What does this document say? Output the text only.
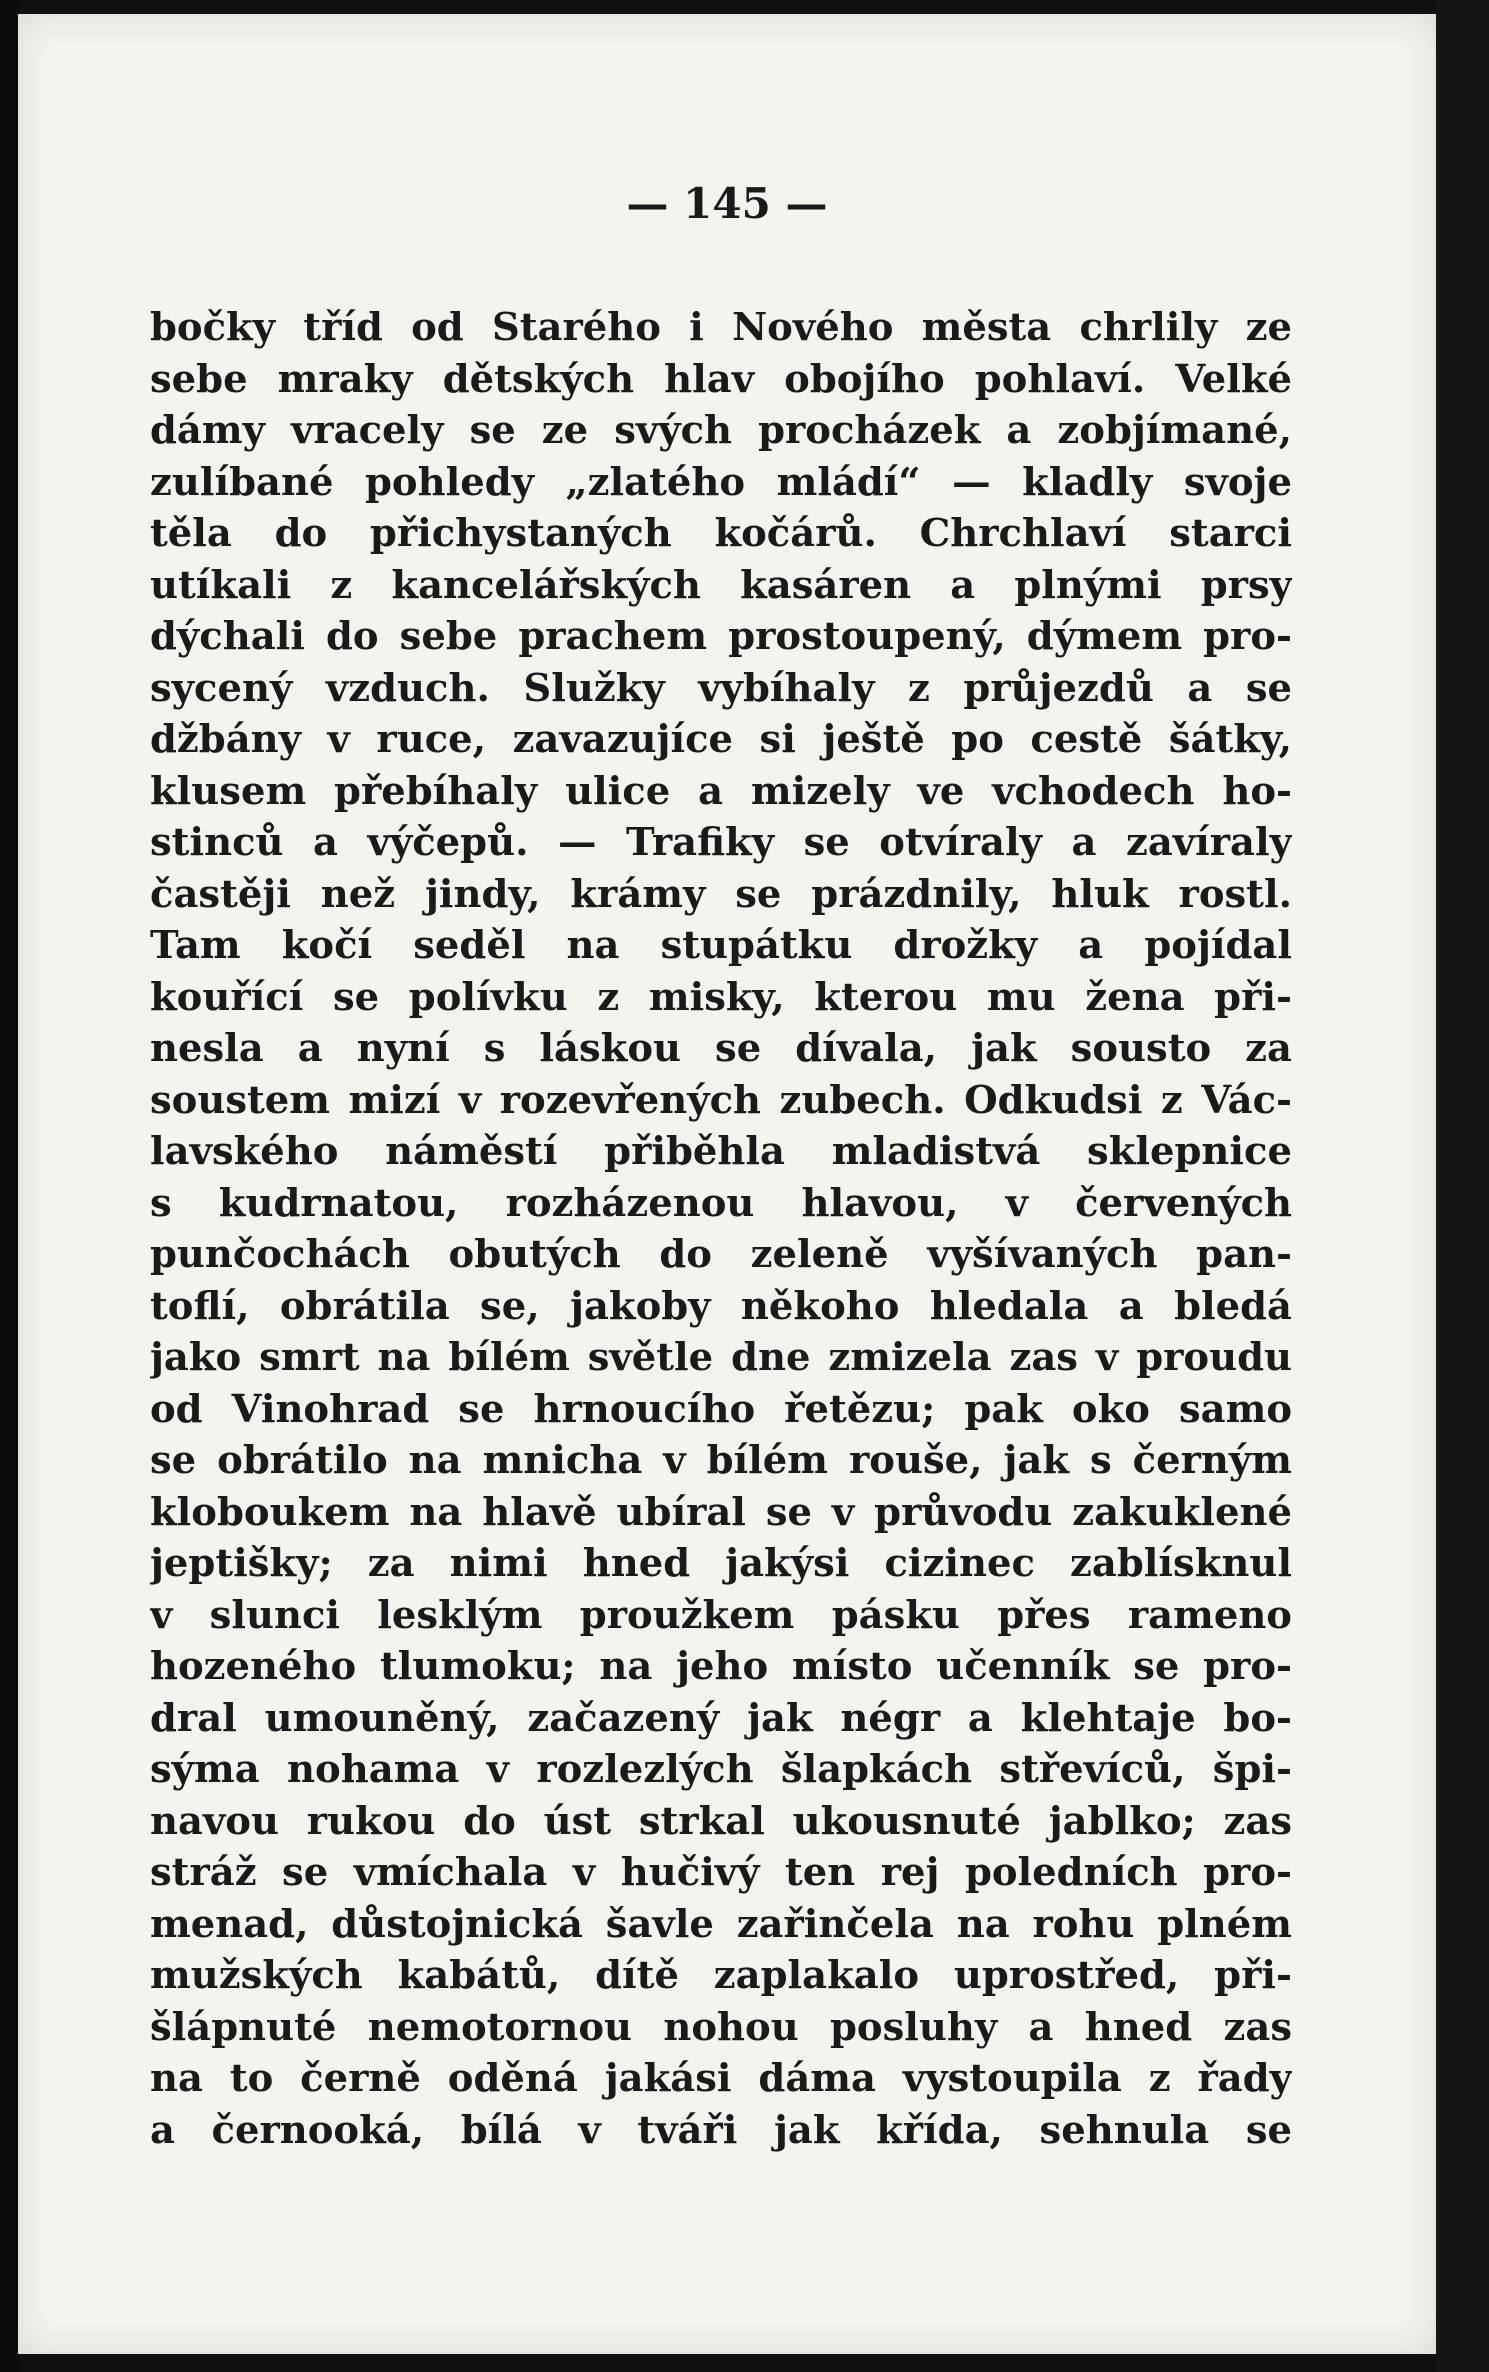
— 145 —
bočky tříd od Starého i Nového města chrlily ze
sebe mraky dětských hlav obojího pohlaví. Velké
dámy vracely se ze svých procházek a zobjímané,
zulíbané pohledy „zlatého mládí“ — kladly svoje
těla do přichystaných kočárů. Chrchlaví starci
utíkali z kancelářských kasáren a plnými prsy
dýchali do sebe prachem prostoupený, dýmem pro-
sycený vzduch. Služky vybíhaly z průjezdů a se
džbány v ruce, zavazujíce si ještě po cestě šátky,
klusem přebíhaly ulice a mizely ve vchodech ho-
stinců a výčepů. — Trafiky se otvíraly a zavíraly
častěji než jindy, krámy se prázdnily, hluk rostl.
Tam kočí seděl na stupátku drožky a pojídal
kouřící se polívku z misky, kterou mu žena při-
nesla a nyní s láskou se dívala, jak sousto za
soustem mizí v rozevřených zubech. Odkudsi z Vác-
lavského náměstí přiběhla mladistvá sklepnice
s kudrnatou, rozházenou hlavou, v červených
punčochách obutých do zeleně vyšívaných pan-
toflí, obrátila se, jakoby někoho hledala a bledá
jako smrt na bílém světle dne zmizela zas v proudu
od Vinohrad se hrnoucího řetězu; pak oko samo
se obrátilo na mnicha v bílém rouše, jak s černým
kloboukem na hlavě ubíral se v průvodu zakuklené
jeptišky; za nimi hned jakýsi cizinec zablísknul
v slunci lesklým proužkem pásku přes rameno
hozeného tlumoku; na jeho místo učenník se pro-
dral umouněný, začazený jak négr a klehtaje bo-
sýma nohama v rozlezlých šlapkách střevíců, špi-
navou rukou do úst strkal ukousnuté jablko; zas
stráž se vmíchala v hučivý ten rej poledních pro-
menad, důstojnická šavle zařinčela na rohu plném
mužských kabátů, dítě zaplakalo uprostřed, při-
šlápnuté nemotornou nohou posluhy a hned zas
na to černě oděná jakási dáma vystoupila z řady
a černooká, bílá v tváři jak křída, sehnula se
